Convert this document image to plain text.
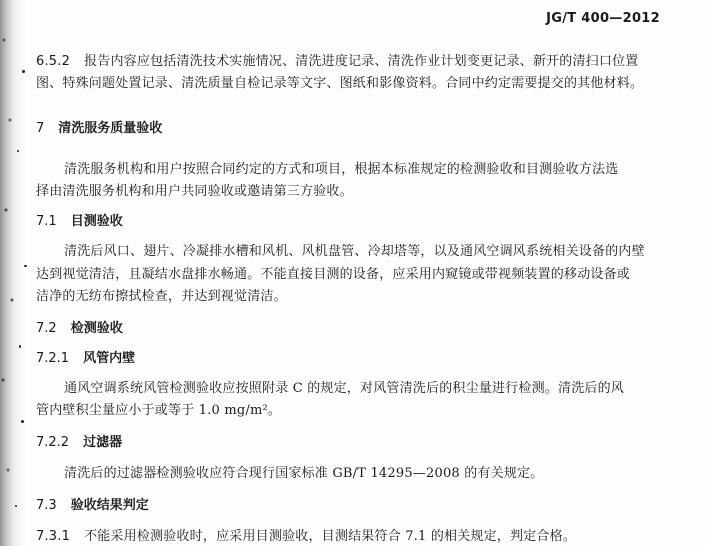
JG/T 400—2012
6.5.2 报告内容应包括清洗技术实施情况、清洗进度记录、清洗作业计划变更记录、新开的清扫口位置
图、特殊问题处置记录、清洗质量自检记录等文字、图纸和影像资料。合同中约定需要提交的其他材料。
7 清洗服务质量验收
清洗服务机构和用户按照合同约定的方式和项目，根据本标准规定的检测验收和目测验收方法选
择由清洗服务机构和用户共同验收或邀请第三方验收。
7.1 目测验收
清洗后风口、翅片、冷凝排水槽和风机、风机盘管、冷却塔等，以及通风空调风系统相关设备的内壁
达到视觉清洁，且凝结水盘排水畅通。不能直接目测的设备，应采用内窥镜或带视频装置的移动设备或
洁净的无纺布擦拭检查，并达到视觉清洁。
7.2 检测验收
7.2.1 风管内壁
通风空调系统风管检测验收应按照附录 C 的规定，对风管清洗后的积尘量进行检测。清洗后的风
管内壁积尘量应小于或等于 1.0 mg/m²。
7.2.2 过滤器
清洗后的过滤器检测验收应符合现行国家标准 GB/T 14295—2008 的有关规定。
7.3 验收结果判定
7.3.1 不能采用检测验收时，应采用目测验收，目测结果符合 7.1 的相关规定，判定合格。
